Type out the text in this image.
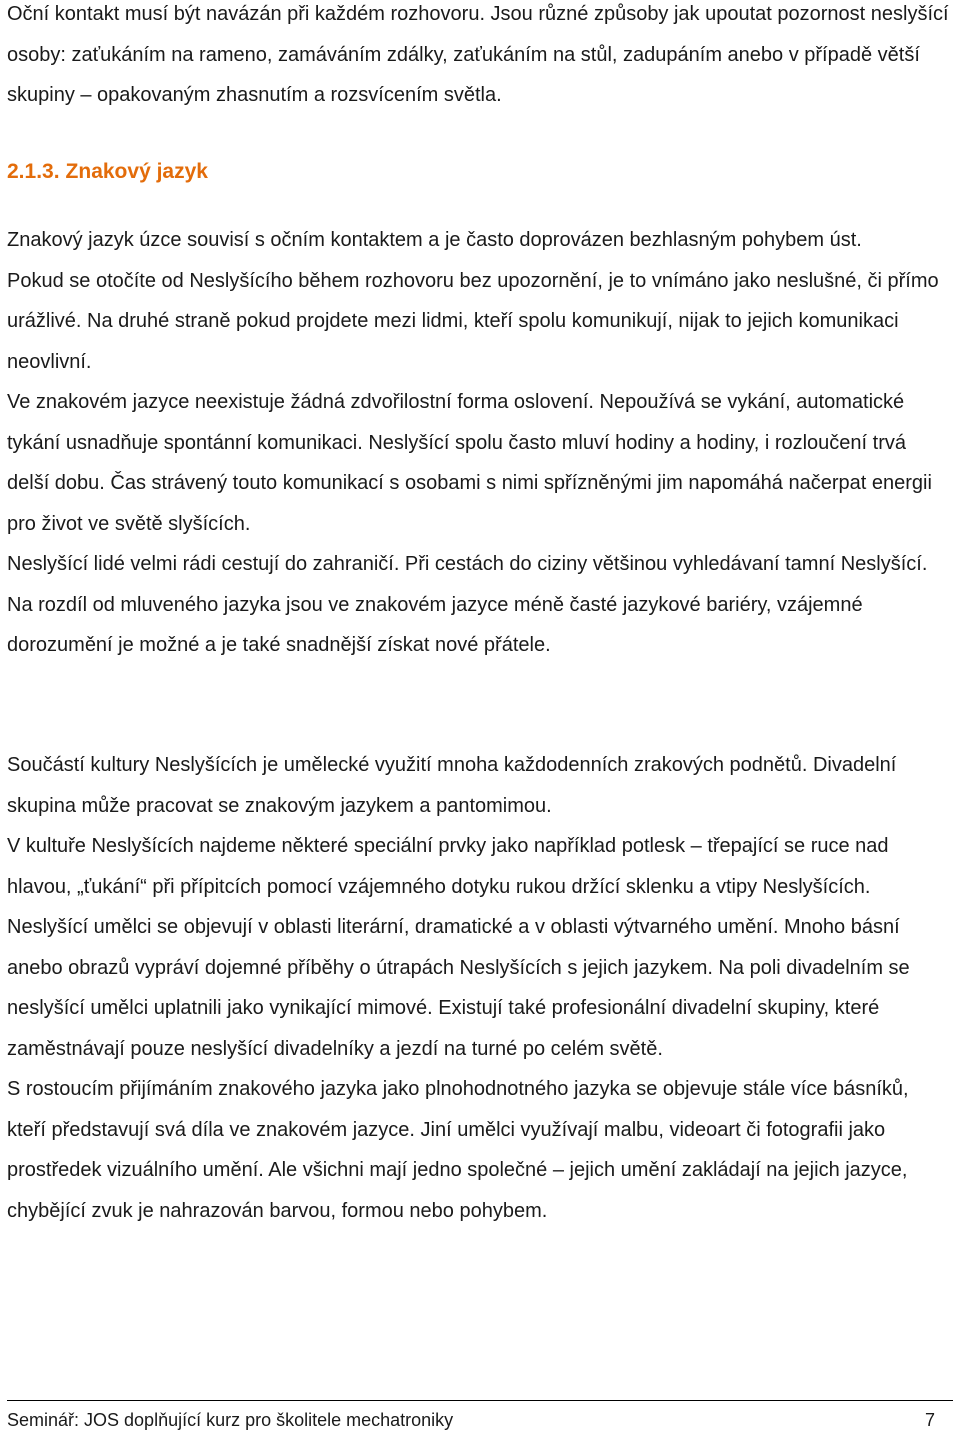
Oční kontakt musí být navázán při každém rozhovoru. Jsou různé způsoby jak upoutat pozornost neslyšící osoby: zaťukáním na rameno, zamáváním zdálky, zaťukáním na stůl, zadupáním anebo v případě větší skupiny – opakovaným zhasnutím a rozsvícením světla.

2.1.3. Znakový jazyk

Znakový jazyk úzce souvisí s očním kontaktem a je často doprovázen bezhlasným pohybem úst.

Pokud se otočíte od Neslyšícího během rozhovoru bez upozornění, je to vnímáno jako neslušné, či přímo urážlivé. Na druhé straně pokud projdete mezi lidmi, kteří spolu komunikují, nijak to jejich komunikaci neovlivní.

Ve znakovém jazyce neexistuje žádná zdvořilostní forma oslovení. Nepoužívá se vykání, automatické tykání usnadňuje spontánní komunikaci. Neslyšící spolu často mluví hodiny a hodiny, i rozloučení trvá delší dobu. Čas strávený touto komunikací s osobami s nimi spřízněnými jim napomáhá načerpat energii pro život ve světě slyšících.

Neslyšící lidé velmi rádi cestují do zahraničí. Při cestách do ciziny většinou vyhledávaní tamní Neslyšící. Na rozdíl od mluveného jazyka jsou ve znakovém jazyce méně časté jazykové bariéry, vzájemné dorozumění je možné a je také snadnější získat nové přátele.

Součástí kultury Neslyšících je umělecké využití mnoha každodenních zrakových podnětů. Divadelní skupina může pracovat se znakovým jazykem a pantomimou.

V kultuře Neslyšících najdeme některé speciální prvky jako například potlesk – třepající se ruce nad hlavou, „ťukání“ při přípitcích pomocí vzájemného dotyku rukou držící sklenku a vtipy Neslyšících. Neslyšící umělci se objevují v oblasti literární, dramatické a v oblasti výtvarného umění. Mnoho básní anebo obrazů vypráví dojemné příběhy o útrapách Neslyšících s jejich jazykem. Na poli divadelním se neslyšící umělci uplatnili jako vynikající mimové. Existují také profesionální divadelní skupiny, které zaměstnávají pouze neslyšící divadelníky a jezdí na turné po celém světě.

S rostoucím přijímáním znakového jazyka jako plnohodnotného jazyka se objevuje stále více básníků, kteří představují svá díla ve znakovém jazyce. Jiní umělci využívají malbu, videoart či fotografii jako prostředek vizuálního umění. Ale všichni mají jedno společné – jejich umění zakládají na jejich jazyce, chybějící zvuk je nahrazován barvou, formou nebo pohybem.

Seminář: JOS doplňující kurz pro školitele mechatroniky	7
